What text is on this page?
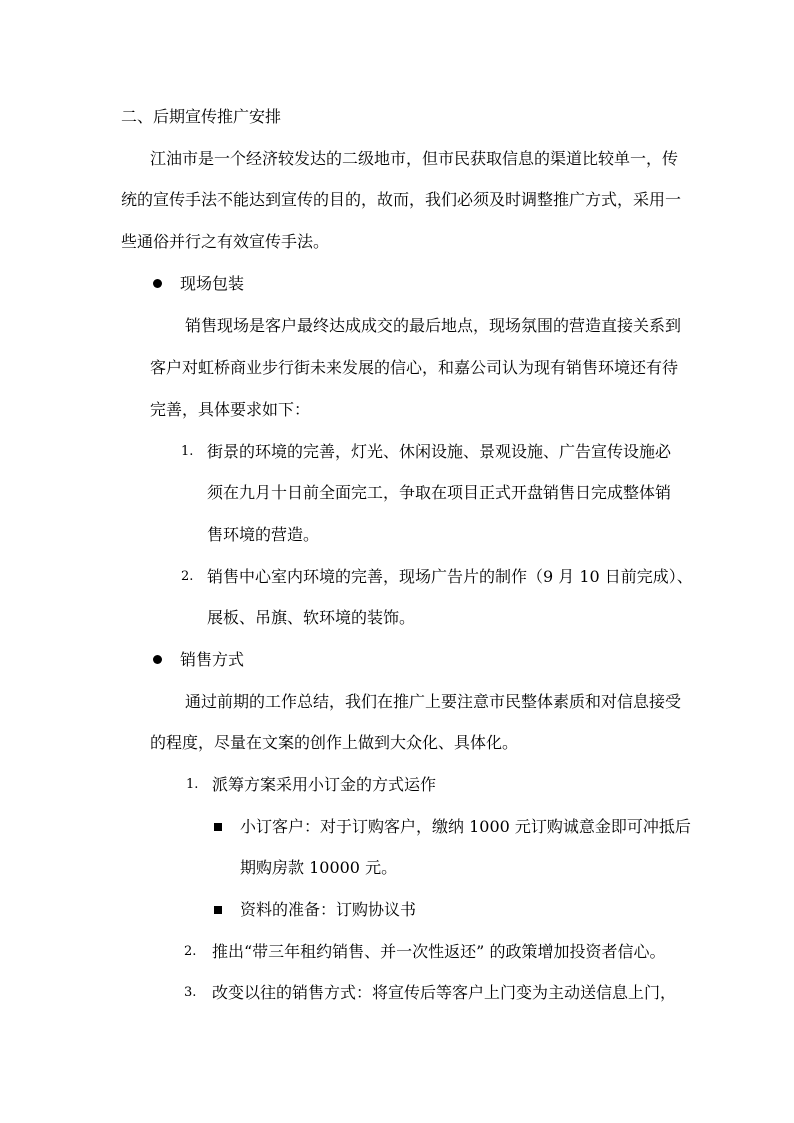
二、后期宣传推广安排
江油市是一个经济较发达的二级地市，但市民获取信息的渠道比较单一，传
统的宣传手法不能达到宣传的目的，故而，我们必须及时调整推广方式，采用一
些通俗并行之有效宣传手法。
现场包装
销售现场是客户最终达成成交的最后地点，现场氛围的营造直接关系到
客户对虹桥商业步行街未来发展的信心，和嘉公司认为现有销售环境还有待
完善，具体要求如下：
1. 街景的环境的完善，灯光、休闲设施、景观设施、广告宣传设施必
须在九月十日前全面完工，争取在项目正式开盘销售日完成整体销
售环境的营造。
2. 销售中心室内环境的完善，现场广告片的制作（9 月 10 日前完成）、
展板、吊旗、软环境的装饰。
销售方式
通过前期的工作总结，我们在推广上要注意市民整体素质和对信息接受
的程度，尽量在文案的创作上做到大众化、具体化。
1. 派筹方案采用小订金的方式运作
小订客户：对于订购客户，缴纳 1000 元订购诚意金即可冲抵后
期购房款 10000 元。
资料的准备：订购协议书
2. 推出“带三年租约销售、并一次性返还” 的政策增加投资者信心。
3. 改变以往的销售方式：将宣传后等客户上门变为主动送信息上门，
